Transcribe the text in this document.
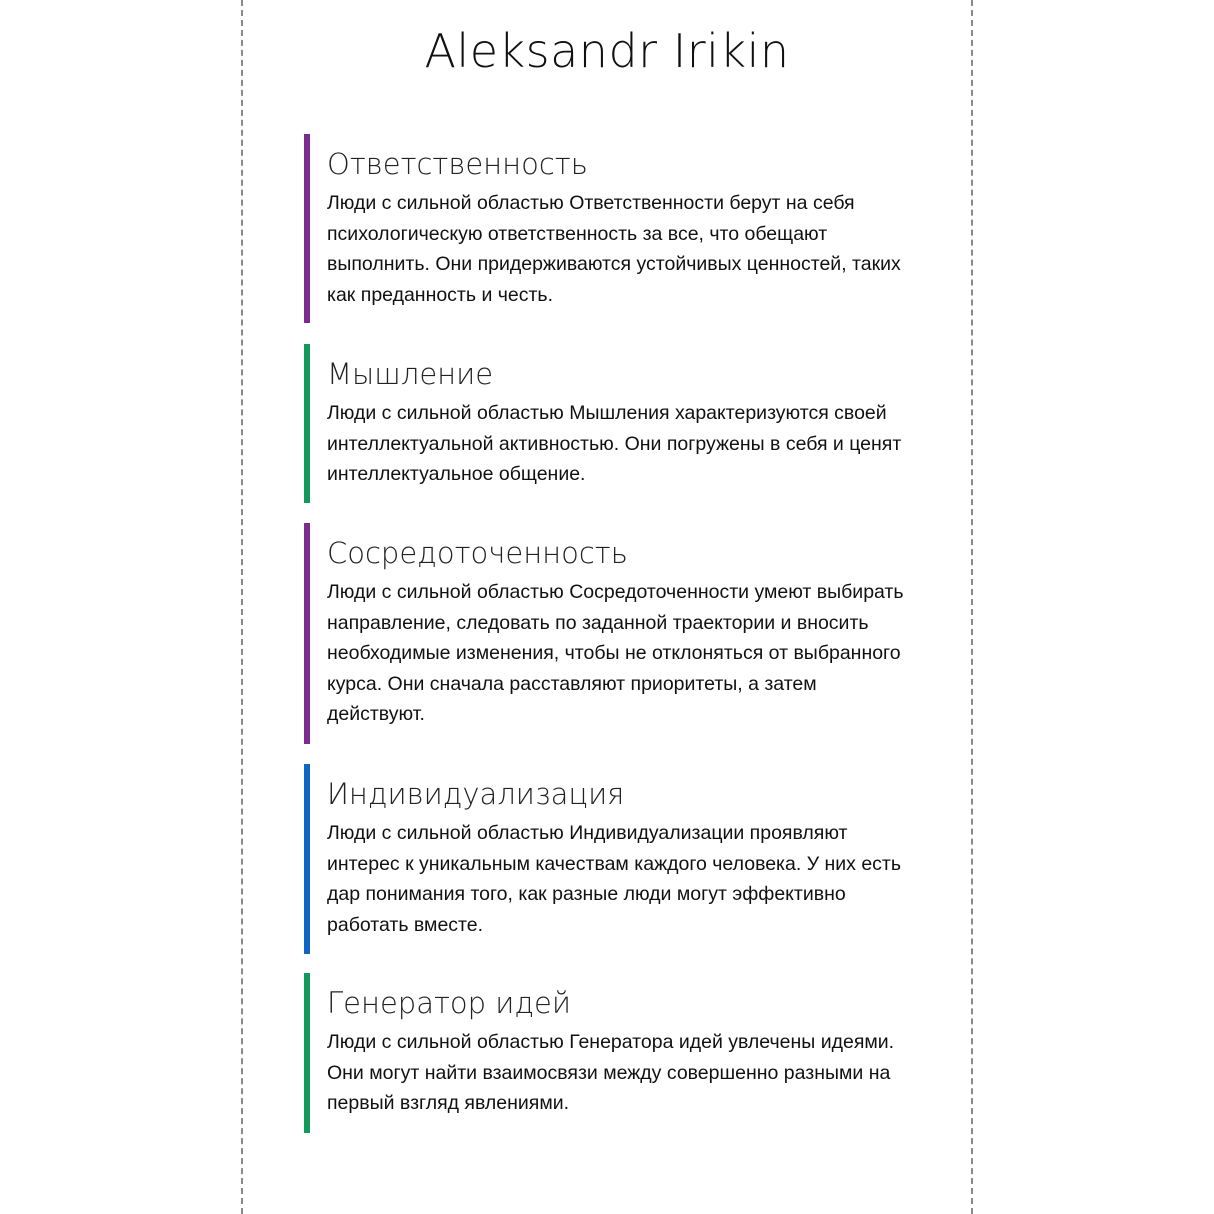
Aleksandr Irikin
Ответственность
Люди с сильной областью Ответственности берут на себя психологическую ответственность за все, что обещают выполнить. Они придерживаются устойчивых ценностей, таких как преданность и честь.
Мышление
Люди с сильной областью Мышления характеризуются своей интеллектуальной активностью. Они погружены в себя и ценят интеллектуальное общение.
Сосредоточенность
Люди с сильной областью Сосредоточенности умеют выбирать направление, следовать по заданной траектории и вносить необходимые изменения, чтобы не отклоняться от выбранного курса. Они сначала расставляют приоритеты, а затем действуют.
Индивидуализация
Люди с сильной областью Индивидуализации проявляют интерес к уникальным качествам каждого человека. У них есть дар понимания того, как разные люди могут эффективно работать вместе.
Генератор идей
Люди с сильной областью Генератора идей увлечены идеями. Они могут найти взаимосвязи между совершенно разными на первый взгляд явлениями.
